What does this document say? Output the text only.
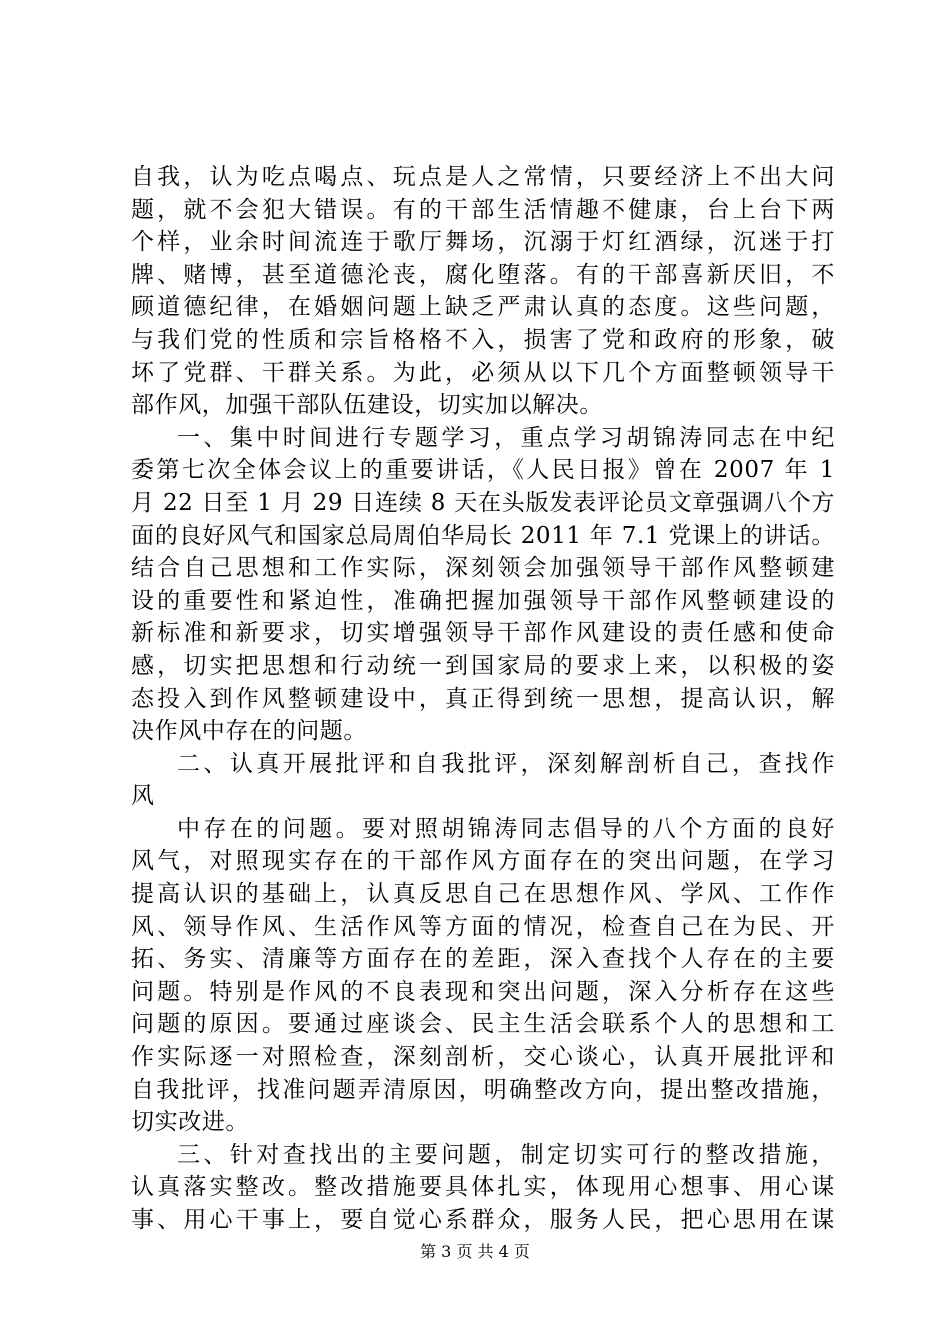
自我，认为吃点喝点、玩点是人之常情，只要经济上不出大问
题，就不会犯大错误。有的干部生活情趣不健康，台上台下两
个样，业余时间流连于歌厅舞场，沉溺于灯红酒绿，沉迷于打
牌、赌博，甚至道德沦丧，腐化堕落。有的干部喜新厌旧，不
顾道德纪律，在婚姻问题上缺乏严肃认真的态度。这些问题，
与我们党的性质和宗旨格格不入，损害了党和政府的形象，破
坏了党群、干群关系。为此，必须从以下几个方面整顿领导干
部作风，加强干部队伍建设，切实加以解决。
一、集中时间进行专题学习，重点学习胡锦涛同志在中纪
委第七次全体会议上的重要讲话，《人民日报》曾在 2007 年 1
月 22 日至 1 月 29 日连续 8 天在头版发表评论员文章强调八个方
面的良好风气和国家总局周伯华局长 2011 年 7.1 党课上的讲话。
结合自己思想和工作实际，深刻领会加强领导干部作风整顿建
设的重要性和紧迫性，准确把握加强领导干部作风整顿建设的
新标准和新要求，切实增强领导干部作风建设的责任感和使命
感，切实把思想和行动统一到国家局的要求上来，以积极的姿
态投入到作风整顿建设中，真正得到统一思想，提高认识，解
决作风中存在的问题。
二、认真开展批评和自我批评，深刻解剖析自己，查找作
风
中存在的问题。要对照胡锦涛同志倡导的八个方面的良好
风气，对照现实存在的干部作风方面存在的突出问题，在学习
提高认识的基础上，认真反思自己在思想作风、学风、工作作
风、领导作风、生活作风等方面的情况，检查自己在为民、开
拓、务实、清廉等方面存在的差距，深入查找个人存在的主要
问题。特别是作风的不良表现和突出问题，深入分析存在这些
问题的原因。要通过座谈会、民主生活会联系个人的思想和工
作实际逐一对照检查，深刻剖析，交心谈心，认真开展批评和
自我批评，找准问题弄清原因，明确整改方向，提出整改措施，
切实改进。
三、针对查找出的主要问题，制定切实可行的整改措施，
认真落实整改。整改措施要具体扎实，体现用心想事、用心谋
事、用心干事上，要自觉心系群众，服务人民，把心思用在谋
第 3 页 共 4 页
